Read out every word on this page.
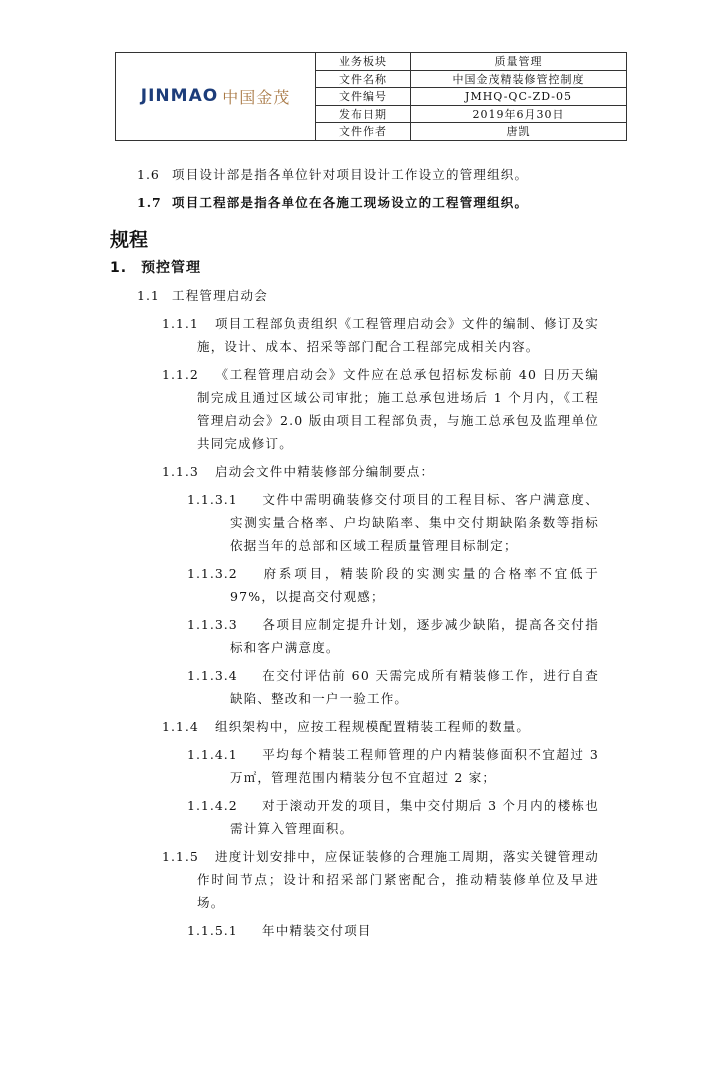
JINMAO 中国金茂	业务板块	质量管理
	文件名称	中国金茂精装修管控制度
	文件编号	JMHQ-QC-ZD-05
	发布日期	2019年6月30日
	文件作者	唐凯
1.6 项目设计部是指各单位针对项目设计工作设立的管理组织。
1.7 项目工程部是指各单位在各施工现场设立的工程管理组织。
规程
1. 预控管理
1.1 工程管理启动会
1.1.1 项目工程部负责组织《工程管理启动会》文件的编制、修订及实施，设计、成本、招采等部门配合工程部完成相关内容。
1.1.2 《工程管理启动会》文件应在总承包招标发标前 40 日历天编制完成且通过区域公司审批；施工总承包进场后 1 个月内，《工程管理启动会》2.0 版由项目工程部负责，与施工总承包及监理单位共同完成修订。
1.1.3 启动会文件中精装修部分编制要点：
1.1.3.1 文件中需明确装修交付项目的工程目标、客户满意度、实测实量合格率、户均缺陷率、集中交付期缺陷条数等指标依据当年的总部和区域工程质量管理目标制定；
1.1.3.2 府系项目，精装阶段的实测实量的合格率不宜低于 97%，以提高交付观感；
1.1.3.3 各项目应制定提升计划，逐步减少缺陷，提高各交付指标和客户满意度。
1.1.3.4 在交付评估前 60 天需完成所有精装修工作，进行自查缺陷、整改和一户一验工作。
1.1.4 组织架构中，应按工程规模配置精装工程师的数量。
1.1.4.1 平均每个精装工程师管理的户内精装修面积不宜超过 3 万㎡，管理范围内精装分包不宜超过 2 家；
1.1.4.2 对于滚动开发的项目，集中交付期后 3 个月内的楼栋也需计算入管理面积。
1.1.5 进度计划安排中，应保证装修的合理施工周期，落实关键管理动作时间节点；设计和招采部门紧密配合，推动精装修单位及早进场。
1.1.5.1 年中精装交付项目
